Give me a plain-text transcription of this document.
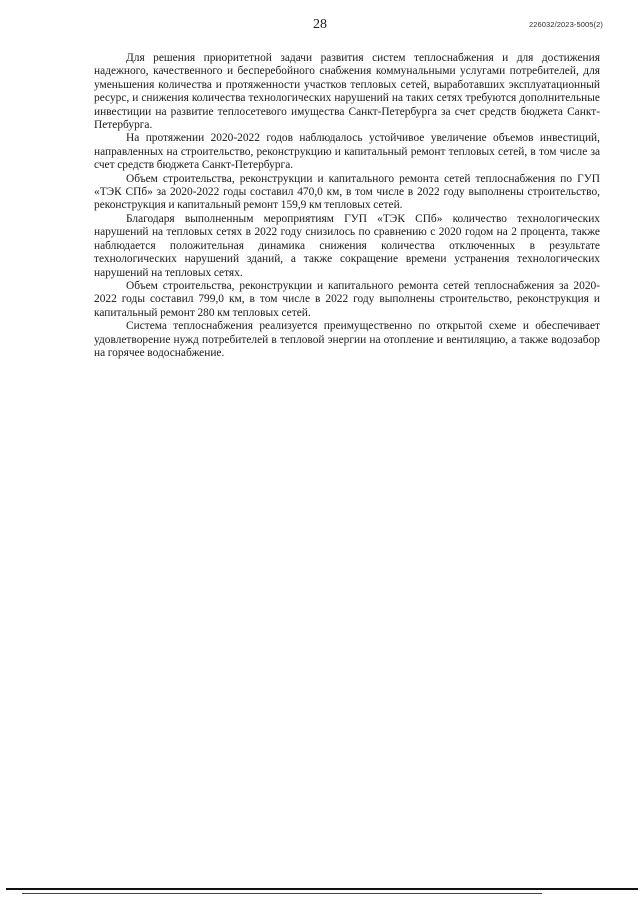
28	226032/2023-5005(2)

Для решения приоритетной задачи развития систем теплоснабжения и для достижения надежного, качественного и бесперебойного снабжения коммунальными услугами потребителей, для уменьшения количества и протяженности участков тепловых сетей, выработавших эксплуатационный ресурс, и снижения количества технологических нарушений на таких сетях требуются дополнительные инвестиции на развитие теплосетевого имущества Санкт-Петербурга за счет средств бюджета Санкт-Петербурга.

На протяжении 2020-2022 годов наблюдалось устойчивое увеличение объемов инвестиций, направленных на строительство, реконструкцию и капитальный ремонт тепловых сетей, в том числе за счет средств бюджета Санкт-Петербурга.

Объем строительства, реконструкции и капитального ремонта сетей теплоснабжения по ГУП «ТЭК СПб» за 2020-2022 годы составил 470,0 км, в том числе в 2022 году выполнены строительство, реконструкция и капитальный ремонт 159,9 км тепловых сетей.

Благодаря выполненным мероприятиям ГУП «ТЭК СПб» количество технологических нарушений на тепловых сетях в 2022 году снизилось по сравнению с 2020 годом на 2 процента, также наблюдается положительная динамика снижения количества отключенных в результате технологических нарушений зданий, а также сокращение времени устранения технологических нарушений на тепловых сетях.

Объем строительства, реконструкции и капитального ремонта сетей теплоснабжения за 2020-2022 годы составил 799,0 км, в том числе в 2022 году выполнены строительство, реконструкция и капитальный ремонт 280 км тепловых сетей.

Система теплоснабжения реализуется преимущественно по открытой схеме и обеспечивает удовлетворение нужд потребителей в тепловой энергии на отопление и вентиляцию, а также водозабор на горячее водоснабжение.
